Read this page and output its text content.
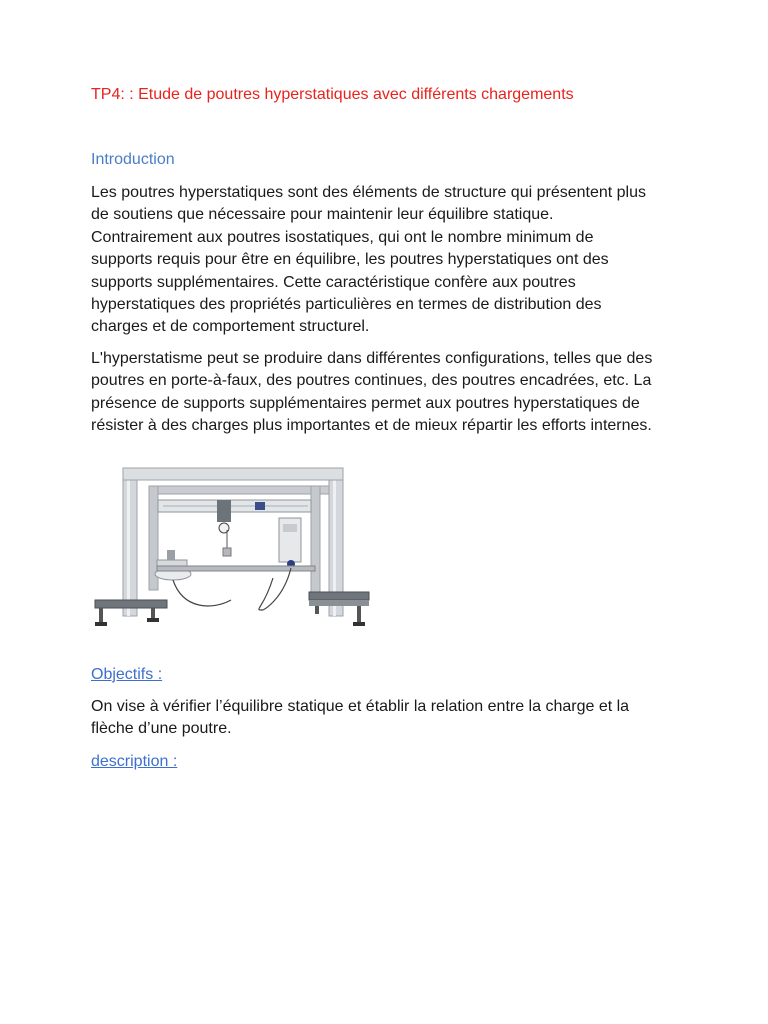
TP4: : Etude de poutres hyperstatiques avec différents chargements
Introduction

Les poutres hyperstatiques sont des éléments de structure qui présentent plus
de soutiens que nécessaire pour maintenir leur équilibre statique.
Contrairement aux poutres isostatiques, qui ont le nombre minimum de
supports requis pour être en équilibre, les poutres hyperstatiques ont des
supports supplémentaires. Cette caractéristique confère aux poutres
hyperstatiques des propriétés particulières en termes de distribution des
charges et de comportement structurel.

L'hyperstatisme peut se produire dans différentes configurations, telles que des
poutres en porte-à-faux, des poutres continues, des poutres encadrées, etc. La
présence de supports supplémentaires permet aux poutres hyperstatiques de
résister à des charges plus importantes et de mieux répartir les efforts internes.

Objectifs :

On vise à vérifier l’équilibre statique et établir la relation entre la charge et la
flèche d’une poutre.

description :
